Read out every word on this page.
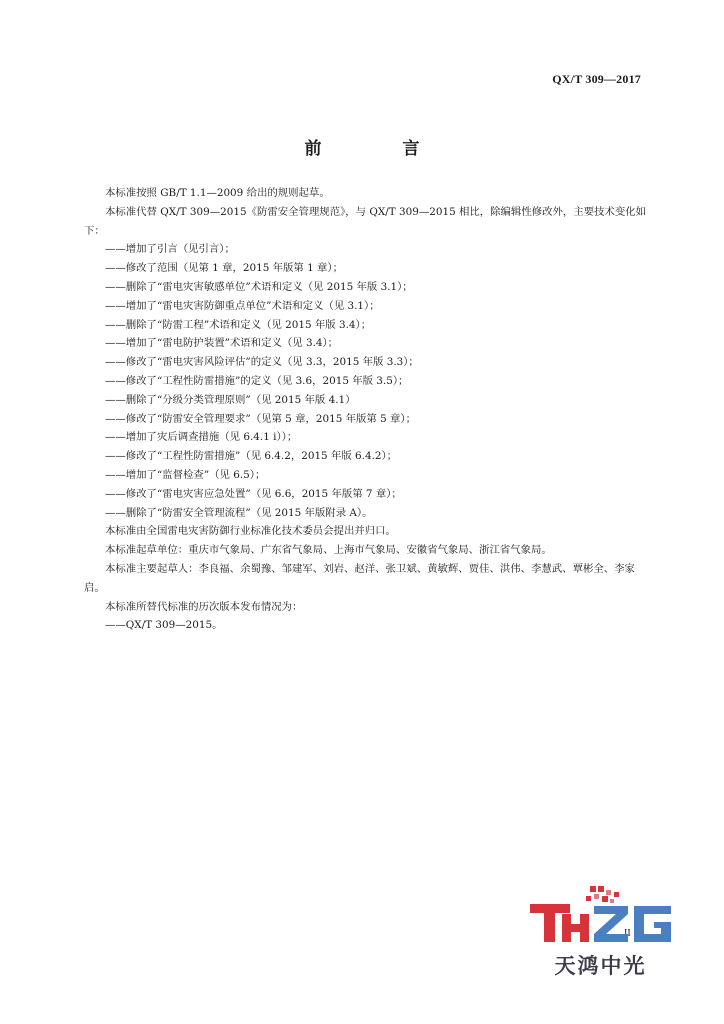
QX/T 309—2017
前　言

本标准按照 GB/T 1.1—2009 给出的规则起草。

本标准代替 QX/T 309—2015《防雷安全管理规范》，与 QX/T 309—2015 相比，除编辑性修改外，主要技术变化如下：

——增加了引言（见引言）；
——修改了范围（见第 1 章，2015 年版第 1 章）；
——删除了“雷电灾害敏感单位”术语和定义（见 2015 年版 3.1）；
——增加了“雷电灾害防御重点单位”术语和定义（见 3.1）；
——删除了“防雷工程”术语和定义（见 2015 年版 3.4）；
——增加了“雷电防护装置”术语和定义（见 3.4）；
——修改了“雷电灾害风险评估”的定义（见 3.3，2015 年版 3.3）；
——修改了“工程性防雷措施”的定义（见 3.6，2015 年版 3.5）；
——删除了“分级分类管理原则”（见 2015 年版 4.1）
——修改了“防雷安全管理要求”（见第 5 章，2015 年版第 5 章）；
——增加了灾后调查措施（见 6.4.1 i））；
——修改了“工程性防雷措施”（见 6.4.2，2015 年版 6.4.2）；
——增加了“监督检查”（见 6.5）；
——修改了“雷电灾害应急处置”（见 6.6，2015 年版第 7 章）；
——删除了“防雷安全管理流程”（见 2015 年版附录 A）。

本标准由全国雷电灾害防御行业标准化技术委员会提出并归口。

本标准起草单位：重庆市气象局、广东省气象局、上海市气象局、安徽省气象局、浙江省气象局。

本标准主要起草人：李良福、余蜀豫、邹建军、刘岩、赵洋、张卫斌、黄敏辉、贾佳、洪伟、李慧武、覃彬全、李家启。

本标准所替代标准的历次版本发布情况为：

——QX/T 309—2015。

II
天鸿中光
